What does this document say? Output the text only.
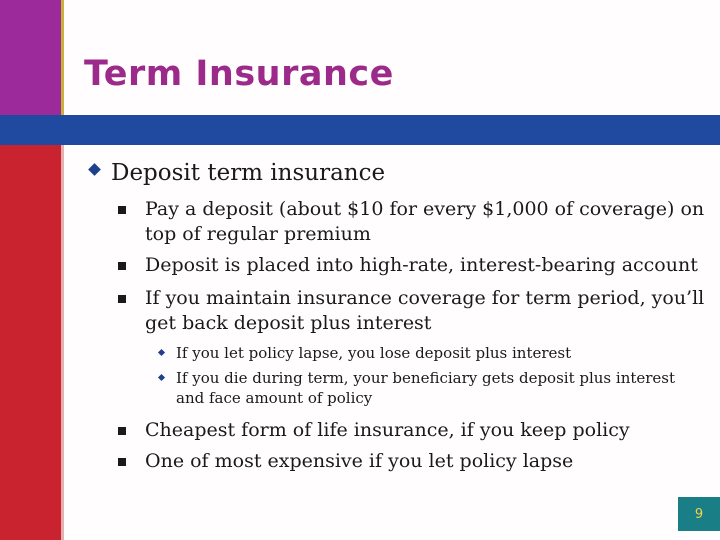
Term Insurance
Deposit term insurance
Pay a deposit (about $10 for every $1,000 of coverage) on top of regular premium
Deposit is placed into high-rate, interest-bearing account
If you maintain insurance coverage for term period, you’ll get back deposit plus interest
If you let policy lapse, you lose deposit plus interest
If you die during term, your beneficiary gets deposit plus interest and face amount of policy
Cheapest form of life insurance, if you keep policy
One of most expensive if you let policy lapse
9
